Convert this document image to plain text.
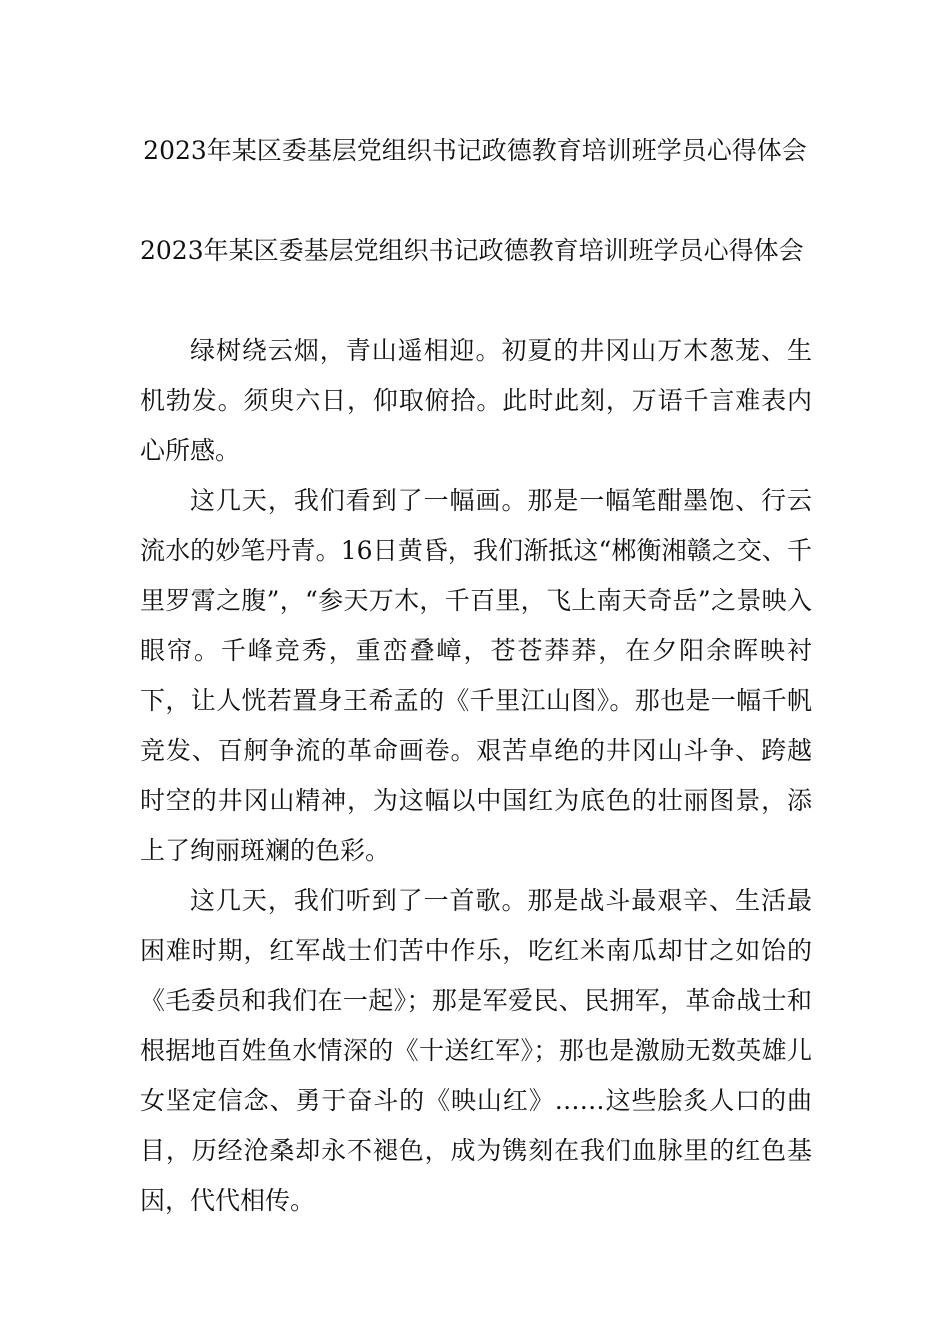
2023年某区委基层党组织书记政德教育培训班学员心得体会
2023年某区委基层党组织书记政德教育培训班学员心得体会

绿树绕云烟，青山遥相迎。初夏的井冈山万木葱茏、生机勃发。须臾六日，仰取俯拾。此时此刻，万语千言难表内心所感。

这几天，我们看到了一幅画。那是一幅笔酣墨饱、行云流水的妙笔丹青。16日黄昏，我们渐抵这“郴衡湘赣之交、千里罗霄之腹”，“参天万木，千百里，飞上南天奇岳”之景映入眼帘。千峰竞秀，重峦叠嶂，苍苍莽莽，在夕阳余晖映衬下，让人恍若置身王希孟的《千里江山图》。那也是一幅千帆竞发、百舸争流的革命画卷。艰苦卓绝的井冈山斗争、跨越时空的井冈山精神，为这幅以中国红为底色的壮丽图景，添上了绚丽斑斓的色彩。

这几天，我们听到了一首歌。那是战斗最艰辛、生活最困难时期，红军战士们苦中作乐，吃红米南瓜却甘之如饴的《毛委员和我们在一起》；那是军爱民、民拥军，革命战士和根据地百姓鱼水情深的《十送红军》；那也是激励无数英雄儿女坚定信念、勇于奋斗的《映山红》……这些脍炙人口的曲目，历经沧桑却永不褪色，成为镌刻在我们血脉里的红色基因，代代相传。
